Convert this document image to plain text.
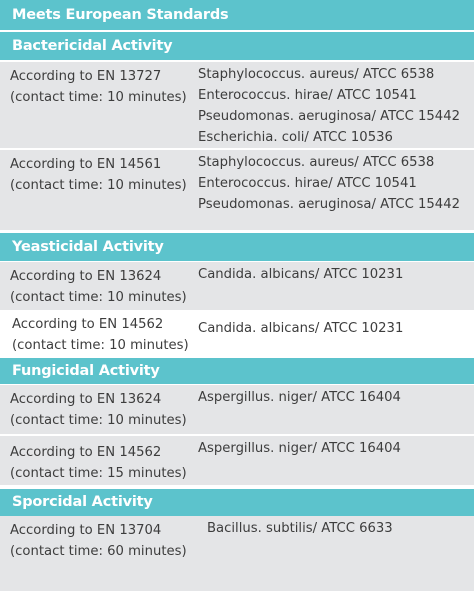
Meets European Standards
Bactericidal Activity
According to EN 13727
(contact time: 10 minutes)
Staphylococcus. aureus/ ATCC 6538
Enterococcus. hirae/ ATCC 10541
Pseudomonas. aeruginosa/ ATCC 15442
Escherichia. coli/ ATCC 10536
According to EN 14561
(contact time: 10 minutes)
Staphylococcus. aureus/ ATCC 6538
Enterococcus. hirae/ ATCC 10541
Pseudomonas. aeruginosa/ ATCC 15442
Yeasticidal Activity
According to EN 13624
(contact time: 10 minutes)
Candida. albicans/ ATCC 10231
According to EN 14562
(contact time: 10 minutes)
Candida. albicans/ ATCC 10231
Fungicidal Activity
According to EN 13624
(contact time: 10 minutes)
Aspergillus. niger/ ATCC 16404
According to EN 14562
(contact time: 15 minutes)
Aspergillus. niger/ ATCC 16404
Sporcidal Activity
According to EN 13704
(contact time: 60 minutes)
Bacillus. subtilis/ ATCC 6633
